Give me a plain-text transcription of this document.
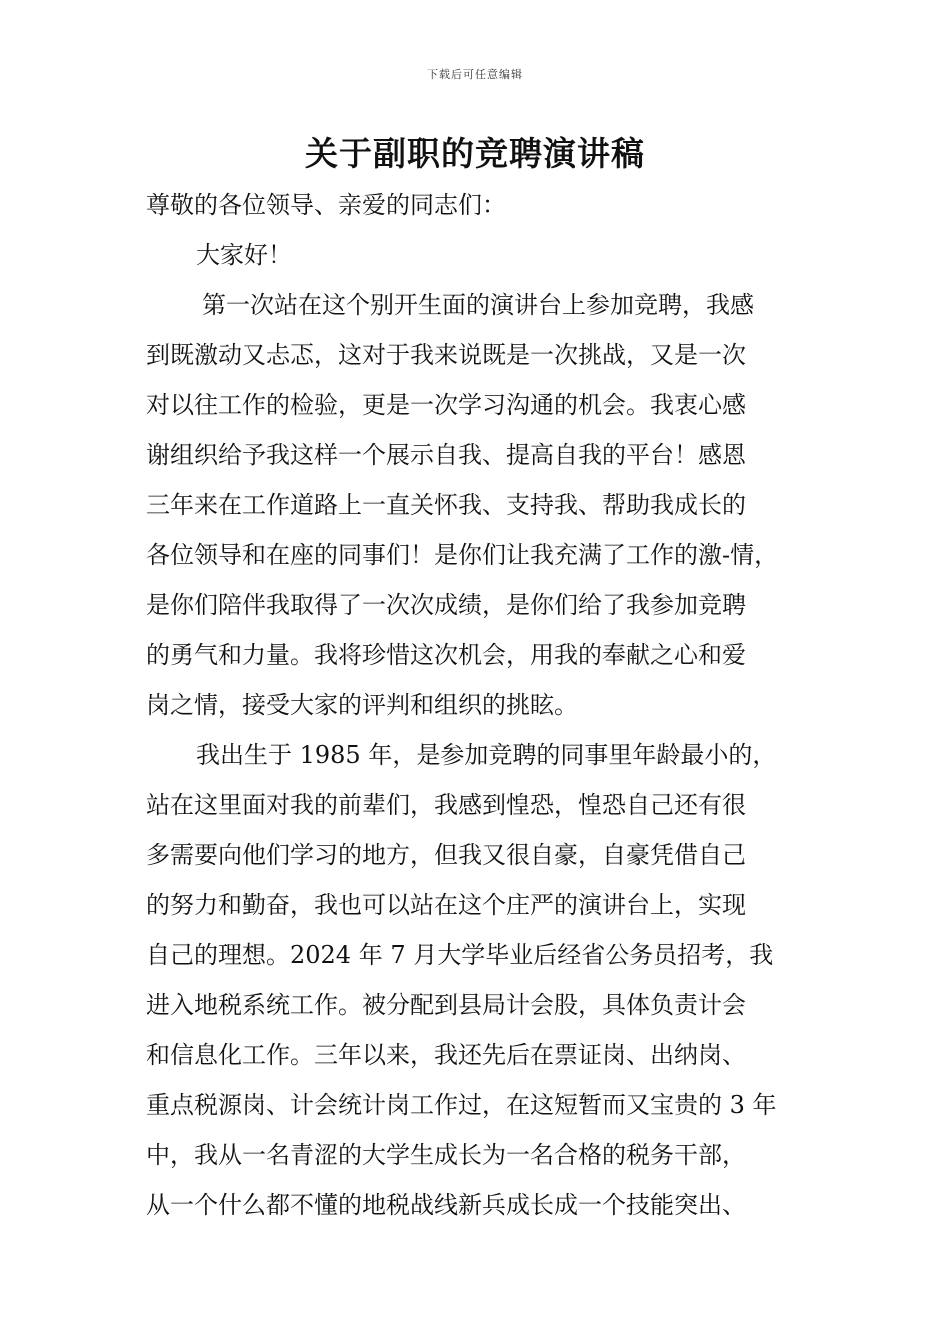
下载后可任意编辑
关于副职的竞聘演讲稿
尊敬的各位领导、亲爱的同志们：
大家好！
第一次站在这个别开生面的演讲台上参加竞聘，我感
到既激动又忐忑，这对于我来说既是一次挑战，又是一次
对以往工作的检验，更是一次学习沟通的机会。我衷心感
谢组织给予我这样一个展示自我、提高自我的平台！感恩
三年来在工作道路上一直关怀我、支持我、帮助我成长的
各位领导和在座的同事们！是你们让我充满了工作的激-情，
是你们陪伴我取得了一次次成绩，是你们给了我参加竞聘
的勇气和力量。我将珍惜这次机会，用我的奉献之心和爱
岗之情，接受大家的评判和组织的挑眩。
我出生于 1985 年，是参加竞聘的同事里年龄最小的，
站在这里面对我的前辈们，我感到惶恐，惶恐自己还有很
多需要向他们学习的地方，但我又很自豪，自豪凭借自己
的努力和勤奋，我也可以站在这个庄严的演讲台上，实现
自己的理想。2024 年 7 月大学毕业后经省公务员招考，我
进入地税系统工作。被分配到县局计会股，具体负责计会
和信息化工作。三年以来，我还先后在票证岗、出纳岗、
重点税源岗、计会统计岗工作过，在这短暂而又宝贵的 3 年
中，我从一名青涩的大学生成长为一名合格的税务干部，
从一个什么都不懂的地税战线新兵成长成一个技能突出、
